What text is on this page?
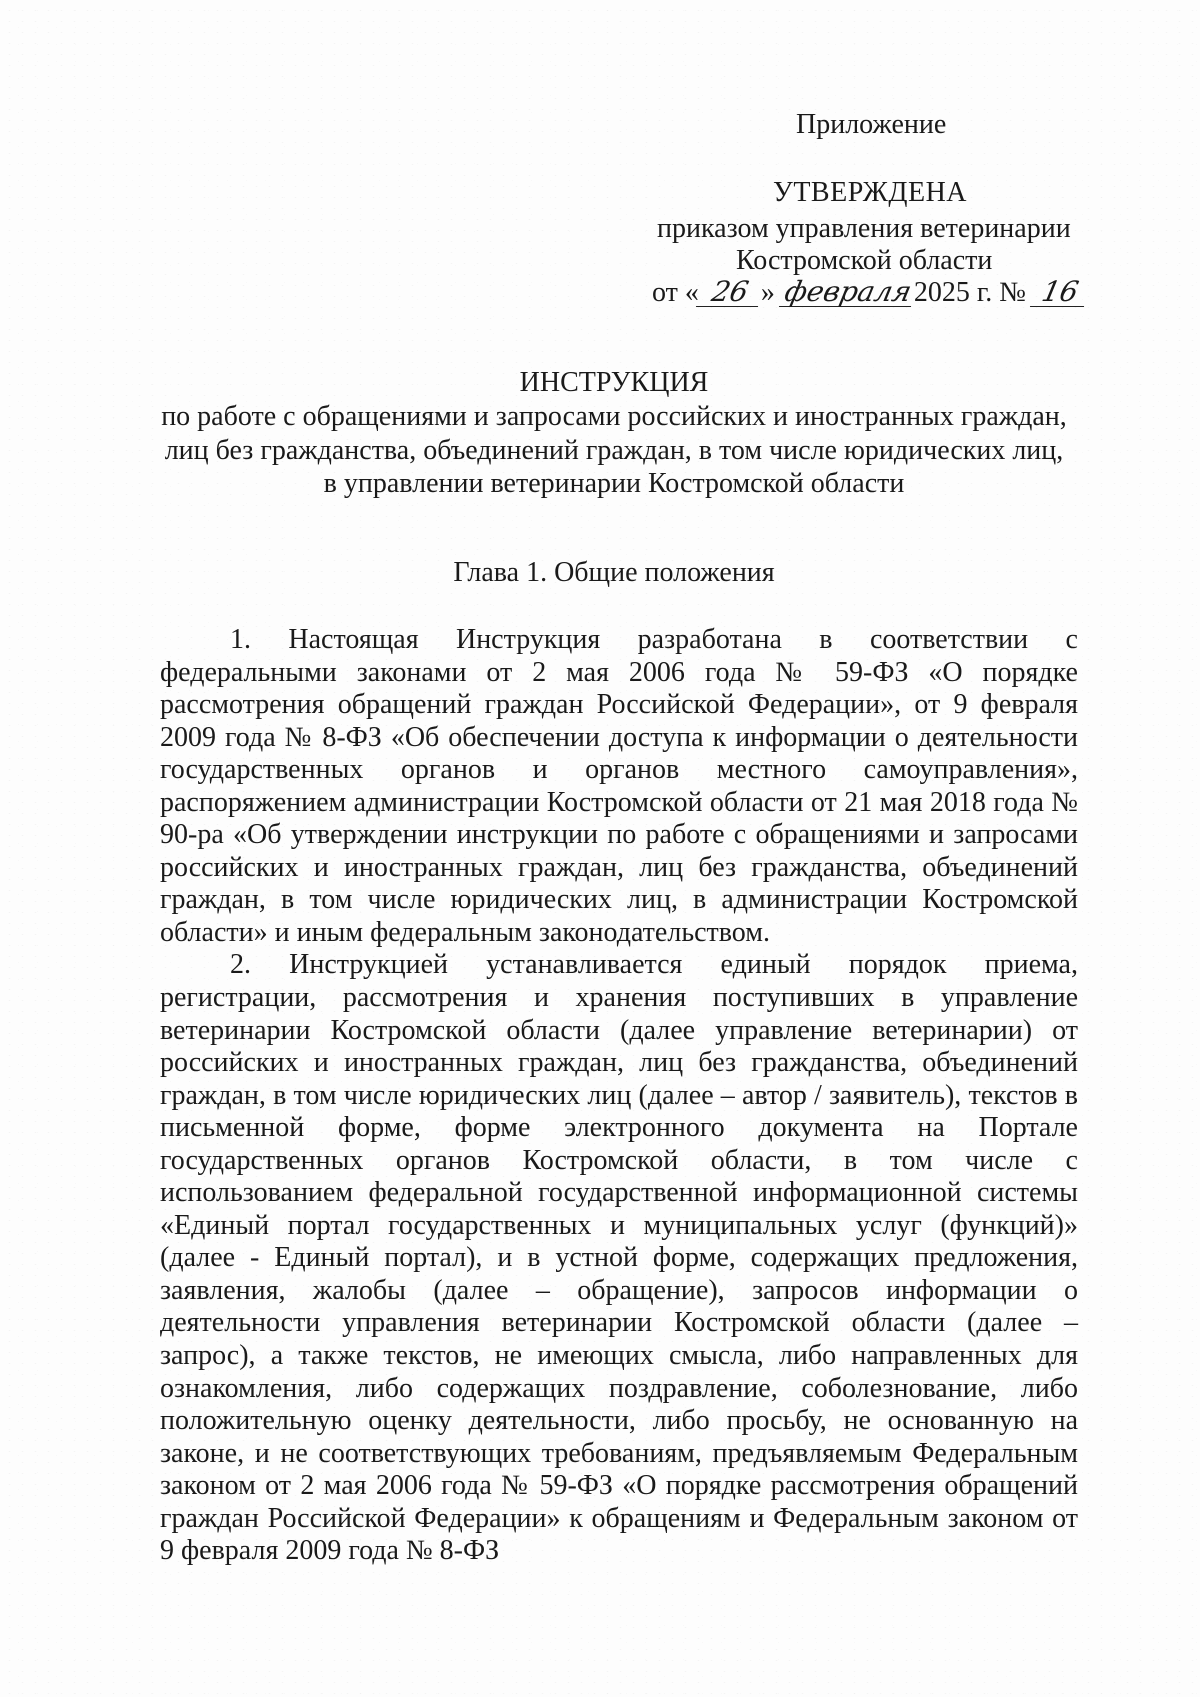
Приложение
УТВЕРЖДЕНА
приказом управления ветеринарии
Костромской области
от « 26 » февраля2025 г. № 16
ИНСТРУКЦИЯ
по работе с обращениями и запросами российских и иностранных граждан,
лиц без гражданства, объединений граждан, в том числе юридических лиц,
в управлении ветеринарии Костромской области
Глава 1. Общие положения

1. Настоящая Инструкция разработана в соответствии с федеральными законами от 2 мая 2006 года № 59-ФЗ «О порядке рассмотрения обращений граждан Российской Федерации», от 9 февраля 2009 года № 8-ФЗ «Об обеспечении доступа к информации о деятельности государственных органов и органов местного самоуправления», распоряжением администрации Костромской области от 21 мая 2018 года № 90-ра «Об утверждении инструкции по работе с обращениями и запросами российских и иностранных граждан, лиц без гражданства, объединений граждан, в том числе юридических лиц, в администрации Костромской области» и иным федеральным законодательством.

2. Инструкцией устанавливается единый порядок приема, регистрации, рассмотрения и хранения поступивших в управление ветеринарии Костромской области (далее управление ветеринарии) от российских и иностранных граждан, лиц без гражданства, объединений граждан, в том числе юридических лиц (далее – автор / заявитель), текстов в письменной форме, форме электронного документа на Портале государственных органов Костромской области, в том числе с использованием федеральной государственной информационной системы «Единый портал государственных и муниципальных услуг (функций)» (далее - Единый портал), и в устной форме, содержащих предложения, заявления, жалобы (далее – обращение), запросов информации о деятельности управления ветеринарии Костромской области (далее – запрос), а также текстов, не имеющих смысла, либо направленных для ознакомления, либо содержащих поздравление, соболезнование, либо положительную оценку деятельности, либо просьбу, не основанную на законе, и не соответствующих требованиям, предъявляемым Федеральным законом от 2 мая 2006 года № 59-ФЗ «О порядке рассмотрения обращений граждан Российской Федерации» к обращениям и Федеральным законом от 9 февраля 2009 года № 8-ФЗ
